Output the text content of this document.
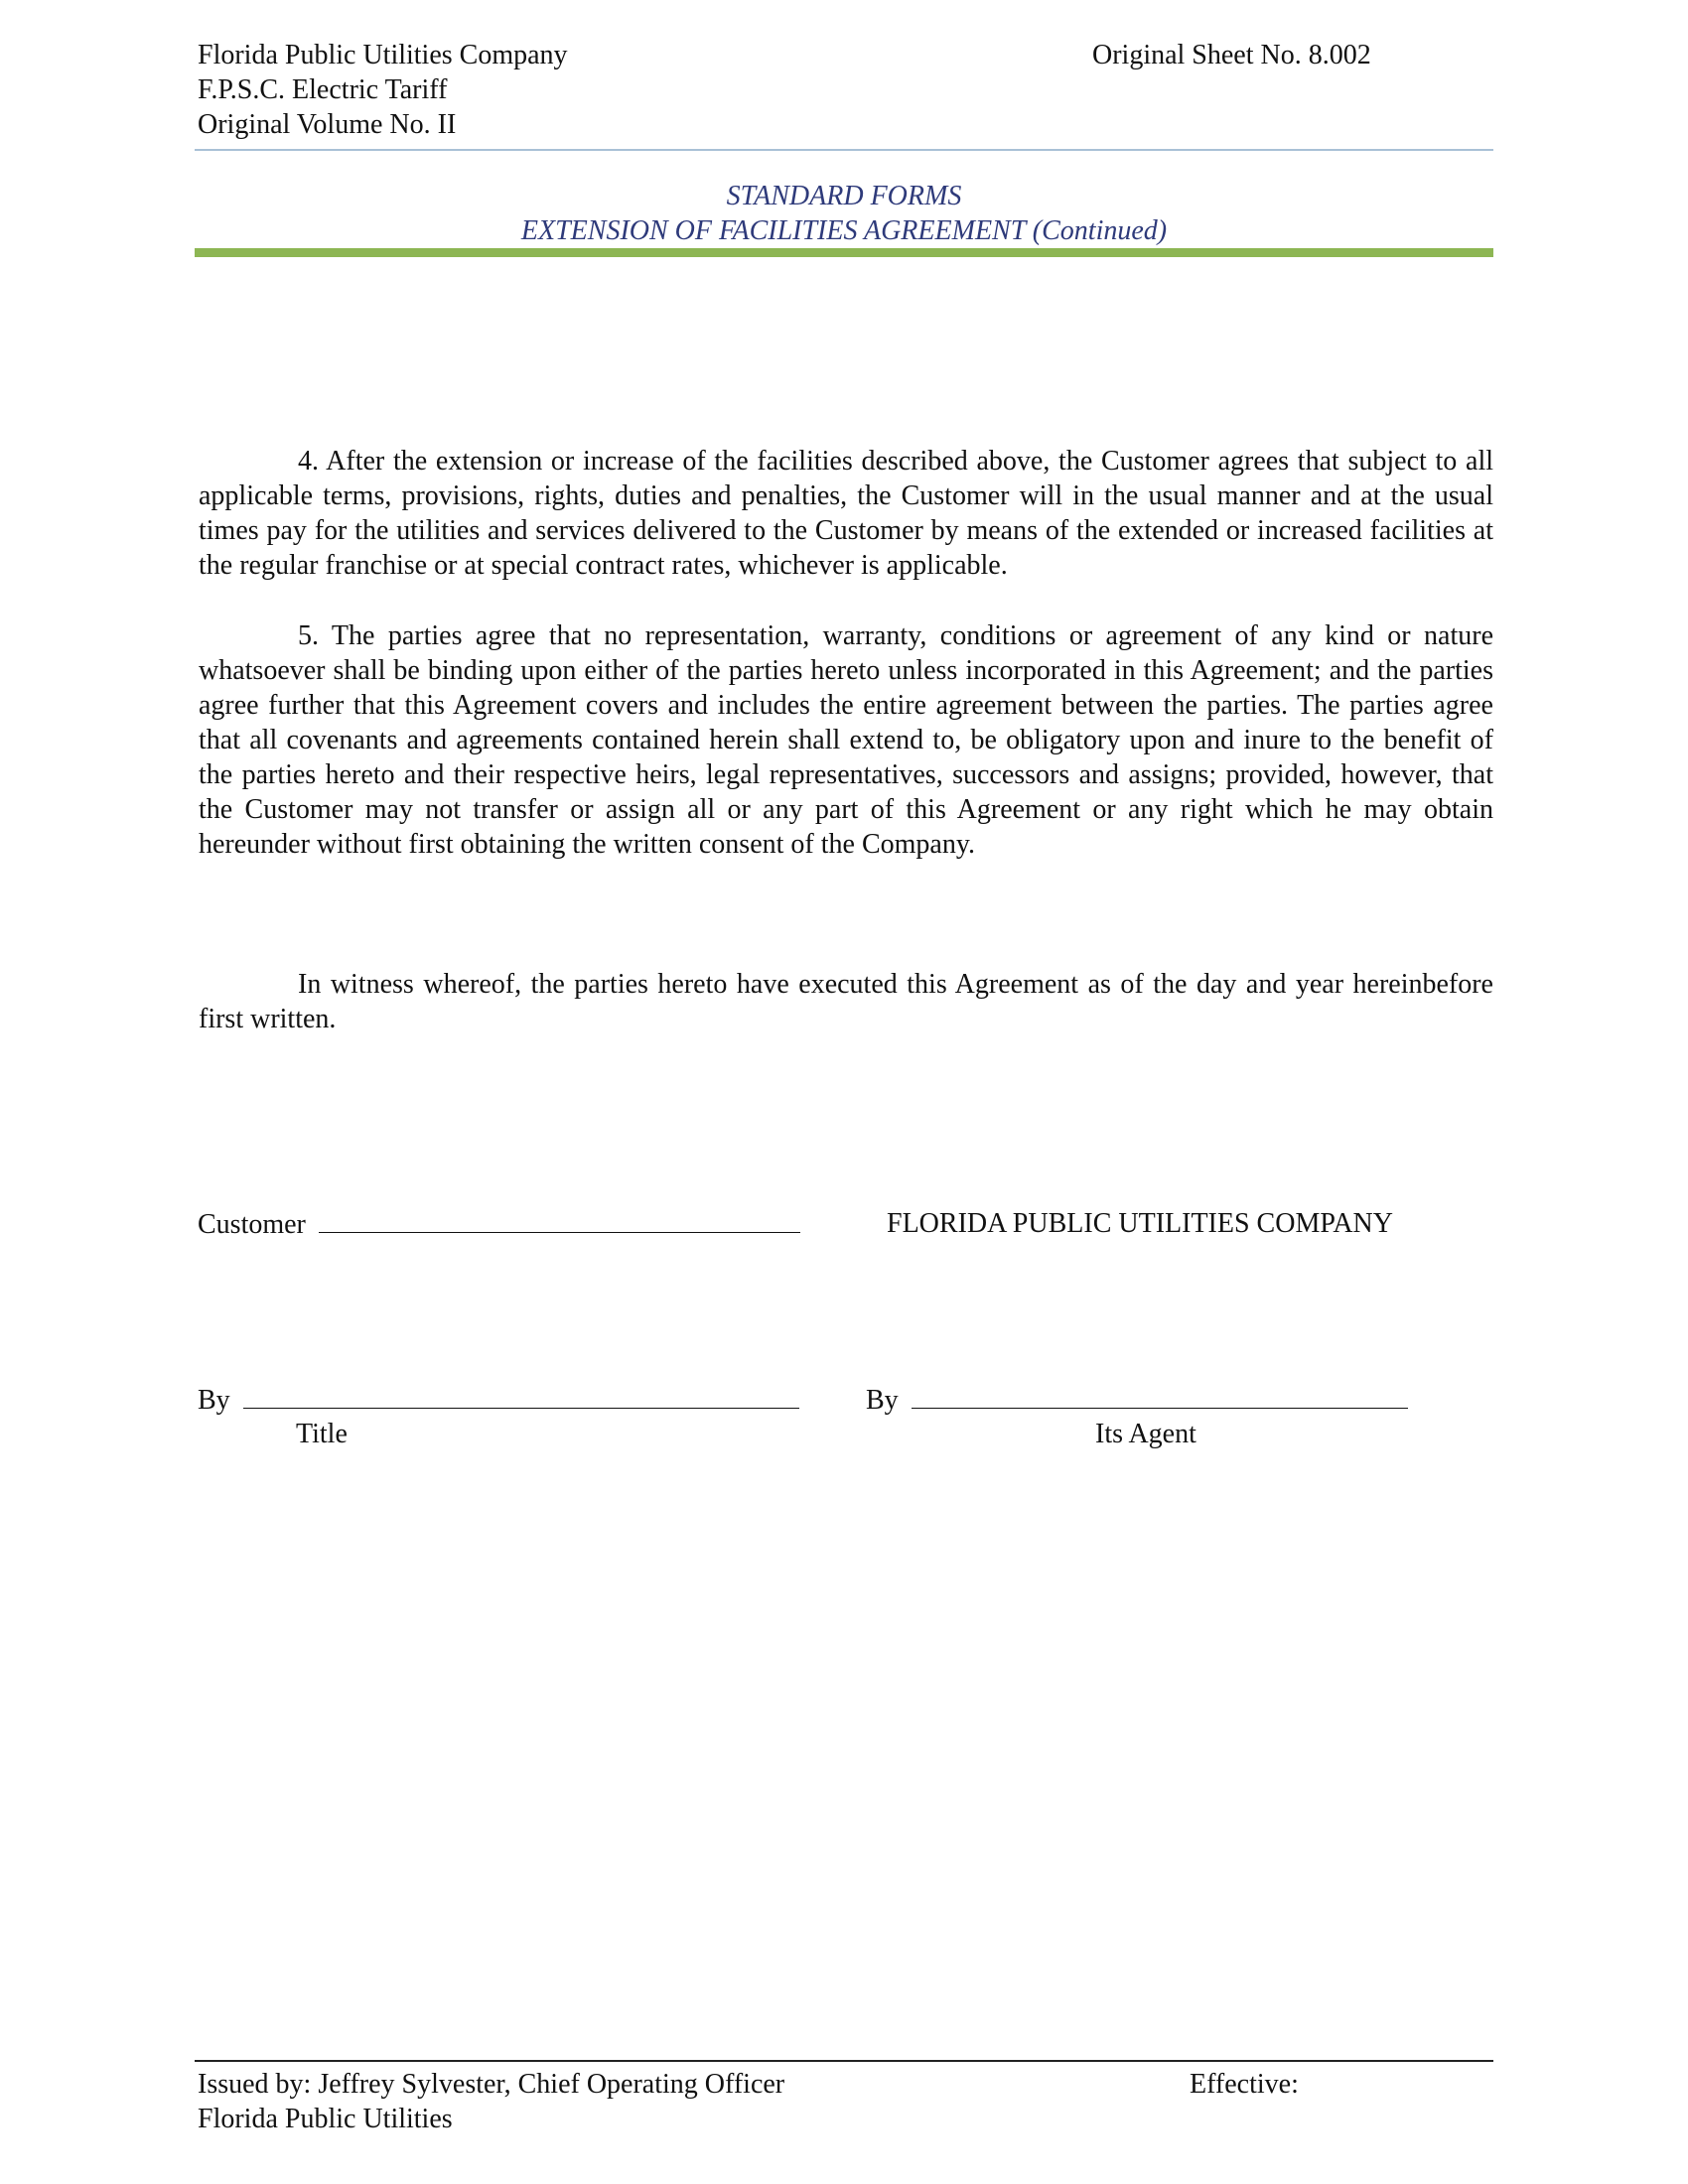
Florida Public Utilities Company
F.P.S.C. Electric Tariff
Original Volume No. II
Original Sheet No. 8.002
STANDARD FORMS
EXTENSION OF FACILITIES AGREEMENT (Continued)
4. After the extension or increase of the facilities described above, the Customer agrees that subject to all applicable terms, provisions, rights, duties and penalties, the Customer will in the usual manner and at the usual times pay for the utilities and services delivered to the Customer by means of the extended or increased facilities at the regular franchise or at special contract rates, whichever is applicable.
5. The parties agree that no representation, warranty, conditions or agreement of any kind or nature whatsoever shall be binding upon either of the parties hereto unless incorporated in this Agreement; and the parties agree further that this Agreement covers and includes the entire agreement between the parties. The parties agree that all covenants and agreements contained herein shall extend to, be obligatory upon and inure to the benefit of the parties hereto and their respective heirs, legal representatives, successors and assigns; provided, however, that the Customer may not transfer or assign all or any part of this Agreement or any right which he may obtain hereunder without first obtaining the written consent of the Company.
In witness whereof, the parties hereto have executed this Agreement as of the day and year hereinbefore first written.
Customer	FLORIDA PUBLIC UTILITIES COMPANY
By
Title
By
Its Agent
Issued by: Jeffrey Sylvester, Chief Operating Officer
Florida Public Utilities
Effective:
